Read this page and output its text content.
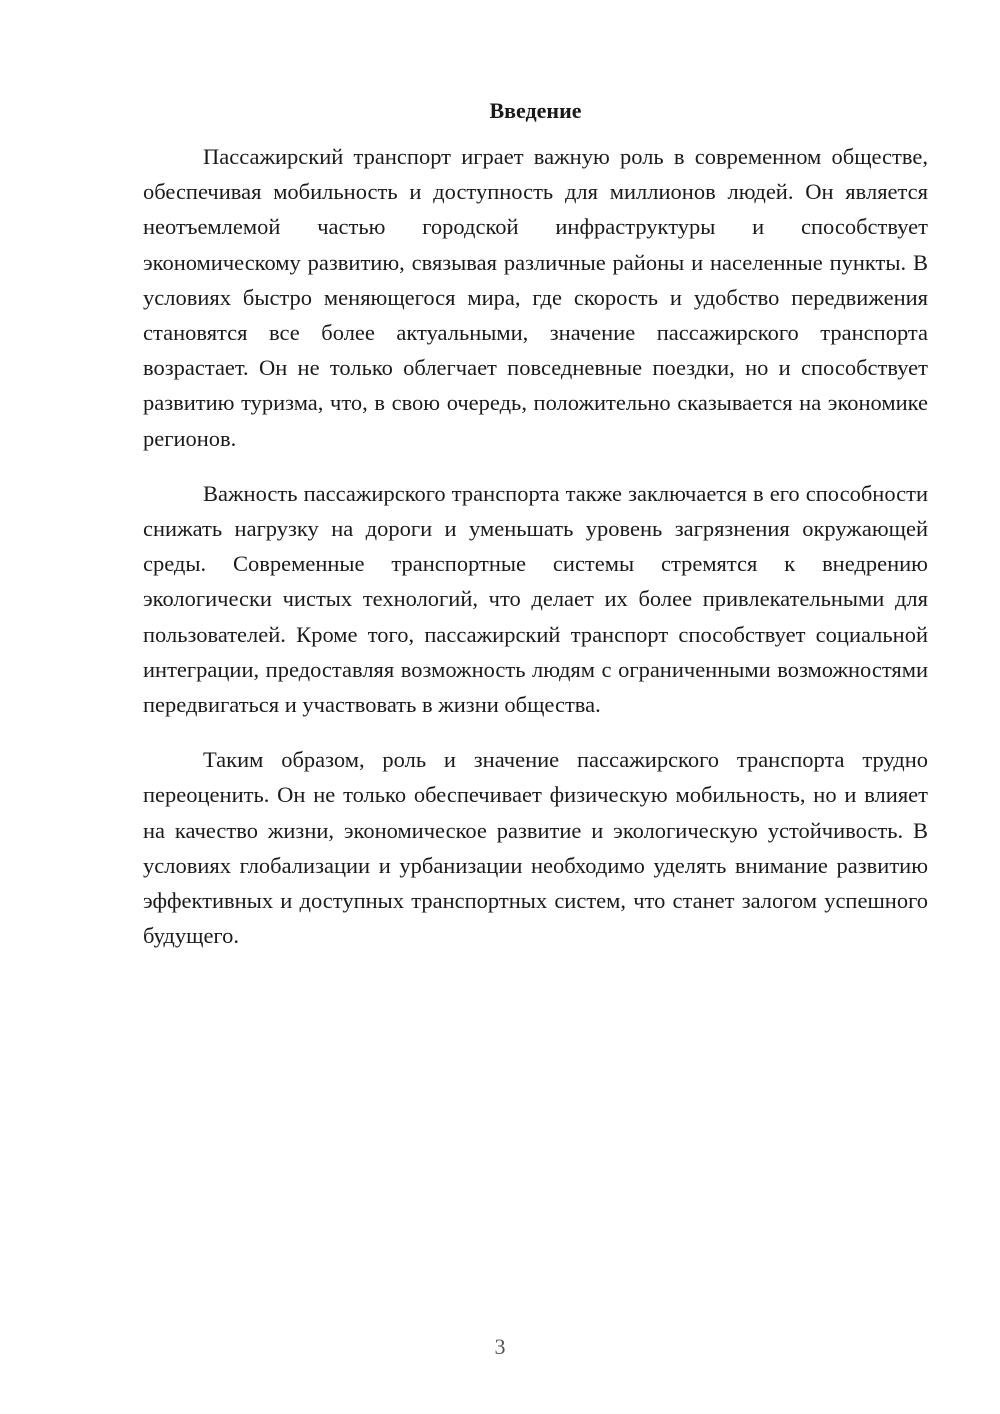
Введение

Пассажирский транспорт играет важную роль в современном обществе, обеспечивая мобильность и доступность для миллионов людей. Он является неотъемлемой частью городской инфраструктуры и способствует экономическому развитию, связывая различные районы и населенные пункты. В условиях быстро меняющегося мира, где скорость и удобство передвижения становятся все более актуальными, значение пассажирского транспорта возрастает. Он не только облегчает повседневные поездки, но и способствует развитию туризма, что, в свою очередь, положительно сказывается на экономике регионов.

Важность пассажирского транспорта также заключается в его способности снижать нагрузку на дороги и уменьшать уровень загрязнения окружающей среды. Современные транспортные системы стремятся к внедрению экологически чистых технологий, что делает их более привлекательными для пользователей. Кроме того, пассажирский транспорт способствует социальной интеграции, предоставляя возможность людям с ограниченными возможностями передвигаться и участвовать в жизни общества.

Таким образом, роль и значение пассажирского транспорта трудно переоценить. Он не только обеспечивает физическую мобильность, но и влияет на качество жизни, экономическое развитие и экологическую устойчивость. В условиях глобализации и урбанизации необходимо уделять внимание развитию эффективных и доступных транспортных систем, что станет залогом успешного будущего.

3
